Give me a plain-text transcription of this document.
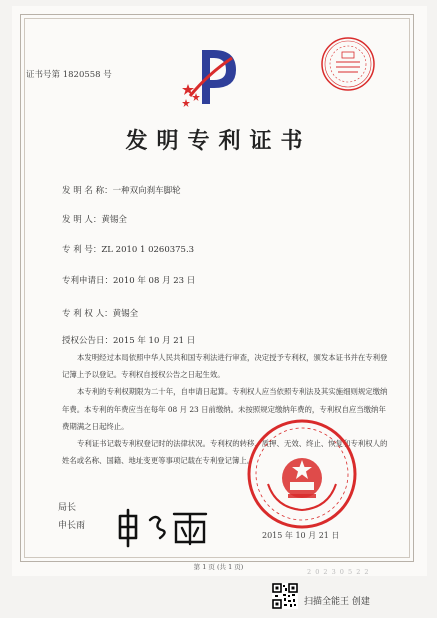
证书号第 1820558 号
发明专利证书
发 明 名 称：一种双向刹车脚轮
发 明 人：黄锡全
专 利 号：ZL 2010 1 0260375.3
专利申请日：2010 年 08 月 23 日
专 利 权 人：黄锡全
授权公告日：2015 年 10 月 21 日

本发明经过本局依照中华人民共和国专利法进行审查，决定授予专利权，颁发本证书并在专利登记簿上予以登记。专利权自授权公告之日起生效。

本专利的专利权期限为二十年，自申请日起算。专利权人应当依照专利法及其实施细则规定缴纳年费。本专利的年费应当在每年 08 月 23 日前缴纳。未按照规定缴纳年费的，专利权自应当缴纳年费期满之日起终止。

专利证书记载专利权登记时的法律状况。专利权的转移、质押、无效、终止、恢复和专利权人的姓名或名称、国籍、地址变更等事项记载在专利登记簿上。

局长
申长雨
2015 年 10 月 21 日
第 1 页 (共 1 页)
2 0 2 3 0 5 2 2
扫描全能王 创建
